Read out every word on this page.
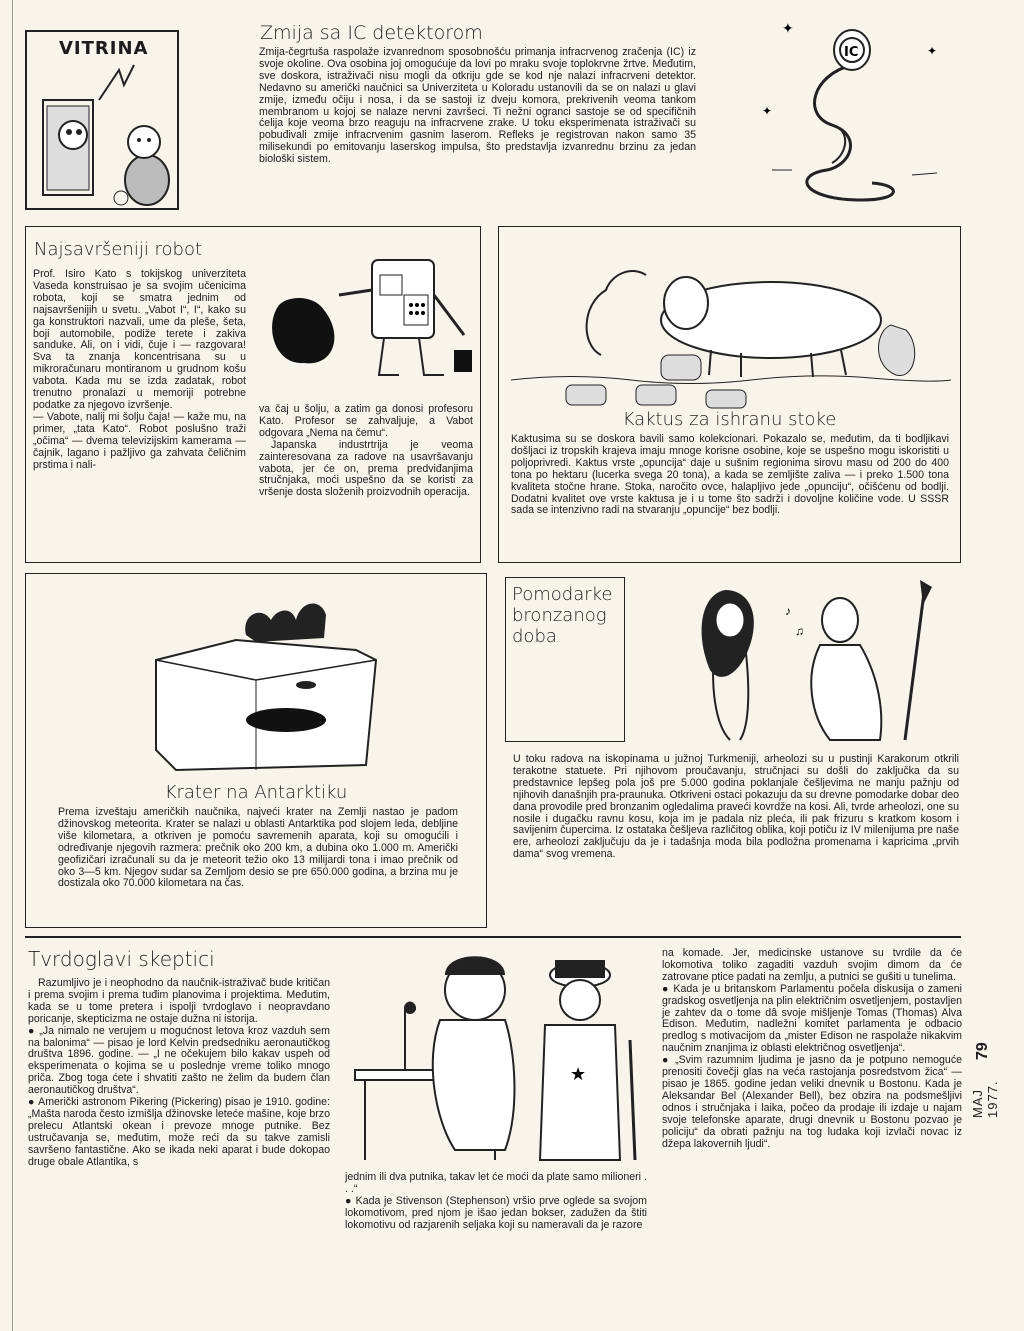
VITRINA
Zmija sa IC detektorom
Zmija-čegrtuša raspolaže izvanrednom sposobnošću primanja infracrvenog zračenja (IC) iz svoje okoline. Ova osobina joj omogućuje da lovi po mraku svoje toplokrvne žrtve. Međutim, sve doskora, istraživači nisu mogli da otkriju gde se kod nje nalazi infracrveni detektor. Nedavno su američki naučnici sa Univerziteta u Koloradu ustanovili da se on nalazi u glavi zmije, između očiju i nosa, i da se sastoji iz dveju komora, prekrivenih veoma tankom membranom u kojoj se nalaze nervni završeci. Ti nežni ogranci sastoje se od specifičnih ćelija koje veoma brzo reaguju na infracrvene zrake. U toku eksperimenata istraživači su pobuđivali zmije infracrvenim gasnim laserom. Refleks je registrovan nakon samo 35 milisekundi po emitovanju laserskog impulsa, što predstavlja izvanrednu brzinu za jedan biološki sistem.
IC
✦
✦
✦
Najsavršeniji robot

Prof. Isiro Kato s tokijskog univerziteta Vaseda konstruisao je sa svojim učenicima robota, koji se smatra jednim od najsavršenijih u svetu. „Vabot I“, I“, kako su ga konstruktori nazvali, ume da pleše, šeta, boji automobile, podiže terete i zakiva sanduke. Ali, on i vidi, čuje i — razgovara! Sva ta znanja koncentrisana su u mikroračunaru montiranom u grudnom košu vabota. Kada mu se izda zadatak, robot trenutno pronalazi u memoriji potrebne podatke za njegovo izvršenje.

— Vabote, nalij mi šolju čaja! — kaže mu, na primer, „tata Kato“. Robot poslušno traži „očima“ — dvema televizijskim kamerama — čajnik, lagano i pažljivo ga zahvata čeličnim prstima i nali-

va čaj u šolju, a zatim ga donosi profesoru Kato. Profesor se zahvaljuje, a Vabot odgovara „Nema na čemu“.

Japanska industrtrija je veoma zainteresovana za radove na usavršavanju vabota, jer će on, prema predviđanjima stručnjaka, moći uspešno da se koristi za vršenje dosta složenih proizvodnih operacija.

Kaktus za ishranu stoke
Kaktusima su se doskora bavili samo kolekcionari. Pokazalo se, međutim, da ti bodljikavi došljaci iz tropskih krajeva imaju mnoge korisne osobine, koje se uspešno mogu iskoristiti u poljoprivredi. Kaktus vrste „opuncija“ daje u sušnim regionima sirovu masu od 200 do 400 tona po hektaru (lucerka svega 20 tona), a kada se zemljište zaliva — i preko 1.500 tona kvaliteta stočne hrane. Stoka, naročito ovce, halapljivo jede „opunciju“, očišćenu od bodlji. Dodatni kvalitet ove vrste kaktusa je i u tome što sadrži i dovoljne količine vode. U SSSR sada se intenzivno radi na stvaranju „opuncije“ bez bodlji.
Krater na Antarktiku
Prema izveštaju američkih naučnika, najveći krater na Zemlji nastao je padom džinovskog meteorita. Krater se nalazi u oblasti Antarktika pod slojem leda, debljine više kilometara, a otkriven je pomoću savremenih aparata, koji su omogućili i određivanje njegovih razmera: prečnik oko 200 km, a dubina oko 1.000 m. Američki geofizičari izračunali su da je meteorit težio oko 13 milijardi tona i imao prečnik od oko 3—5 km. Njegov sudar sa Zemljom desio se pre 650.000 godina, a brzina mu je dostizala oko 70.000 kilometara na čas.
Pomodarke
bronzanog
doba
♪
♫
U toku radova na iskopinama u južnoj Turkmeniji, arheolozi su u pustinji Karakorum otkrili terakotne statuete. Pri njihovom proučavanju, stručnjaci su došli do zaključka da su predstavnice lepšeg pola još pre 5.000 godina poklanjale češljevima ne manju pažnju od njihovih današnjih pra-praunuka. Otkriveni ostaci pokazuju da su drevne pomodarke dobar deo dana provodile pred bronzanim ogledalima praveći kovrdže na kosi. Ali, tvrde arheolozi, one su nosile i dugačku ravnu kosu, koja im je padala niz pleća, ili pak frizuru s kratkom kosom i savijenim čupercima. Iz ostataka češljeva različitog oblika, koji potiču iz IV milenijuma pre naše ere, arheolozi zaključuju da je i tadašnja moda bila podložna promenama i kapricima „prvih dama“ svog vremena.
Tvrdoglavi skeptici

Razumljivo je i neophodno da naučnik-istraživač bude kritičan i prema svojim i prema tuđim planovima i projektima. Međutim, kada se u tome pretera i ispolji tvrdoglavo i neopravdano poricanje, skepticizma ne ostaje dužna ni istorija.

● „Ja nimalo ne verujem u mogućnost letova kroz vazduh sem na balonima“ — pisao je lord Kelvin predsedniku aeronautičkog društva 1896. godine. — „I ne očekujem bilo kakav uspeh od eksperimenata o kojima se u poslednje vreme toliko mnogo priča. Zbog toga ćete i shvatiti zašto ne želim da budem član aeronautičkog društva“.

● Američki astronom Pikering (Pickering) pisao je 1910. godine: „Mašta naroda često izmišlja džinovske leteće mašine, koje brzo prelecu Atlantski okean i prevoze mnoge putnike. Bez ustručavanja se, međutim, može reći da su takve zamisli savršeno fantastične. Ako se ikada neki aparat i bude dokopao druge obale Atlantika, s

★

jednim ili dva putnika, takav let će moći da plate samo milioneri . . .“

● Kada je Stivenson (Stephenson) vršio prve oglede sa svojom lokomotivom, pred njom je išao jedan bokser, zadužen da štiti lokomotivu od razjarenih seljaka koji su nameravali da je razore

na komade. Jer, medicinske ustanove su tvrdile da će lokomotiva toliko zagaditi vazduh svojim dimom da će zatrovane ptice padati na zemlju, a putnici se gušiti u tunelima.

● Kada je u britanskom Parlamentu počela diskusija o zameni gradskog osvetljenja na plin električnim osvetljenjem, postavljen je zahtev da o tome dâ svoje mišljenje Tomas (Thomas) Alva Edison. Međutim, nadležni komitet parlamenta je odbacio predlog s motivacijom da „mister Edison ne raspolaže nikakvim naučnim znanjima iz oblasti električnog osvetljenja“.

● „Svim razumnim ljudima je jasno da je potpuno nemoguće prenositi čovečji glas na veća rastojanja posredstvom žica“ — pisao je 1865. godine jedan veliki dnevnik u Bostonu. Kada je Aleksandar Bel (Alexander Bell), bez obzira na podsmešljivi odnos i stručnjaka i laika, počeo da prodaje ili izdaje u najam svoje telefonske aparate, drugi dnevnik u Bostonu pozvao je policiju“ da obrati pažnju na tog ludaka koji izvlači novac iz džepa lakovernih ljudi“.

MAJ 1977.
79
